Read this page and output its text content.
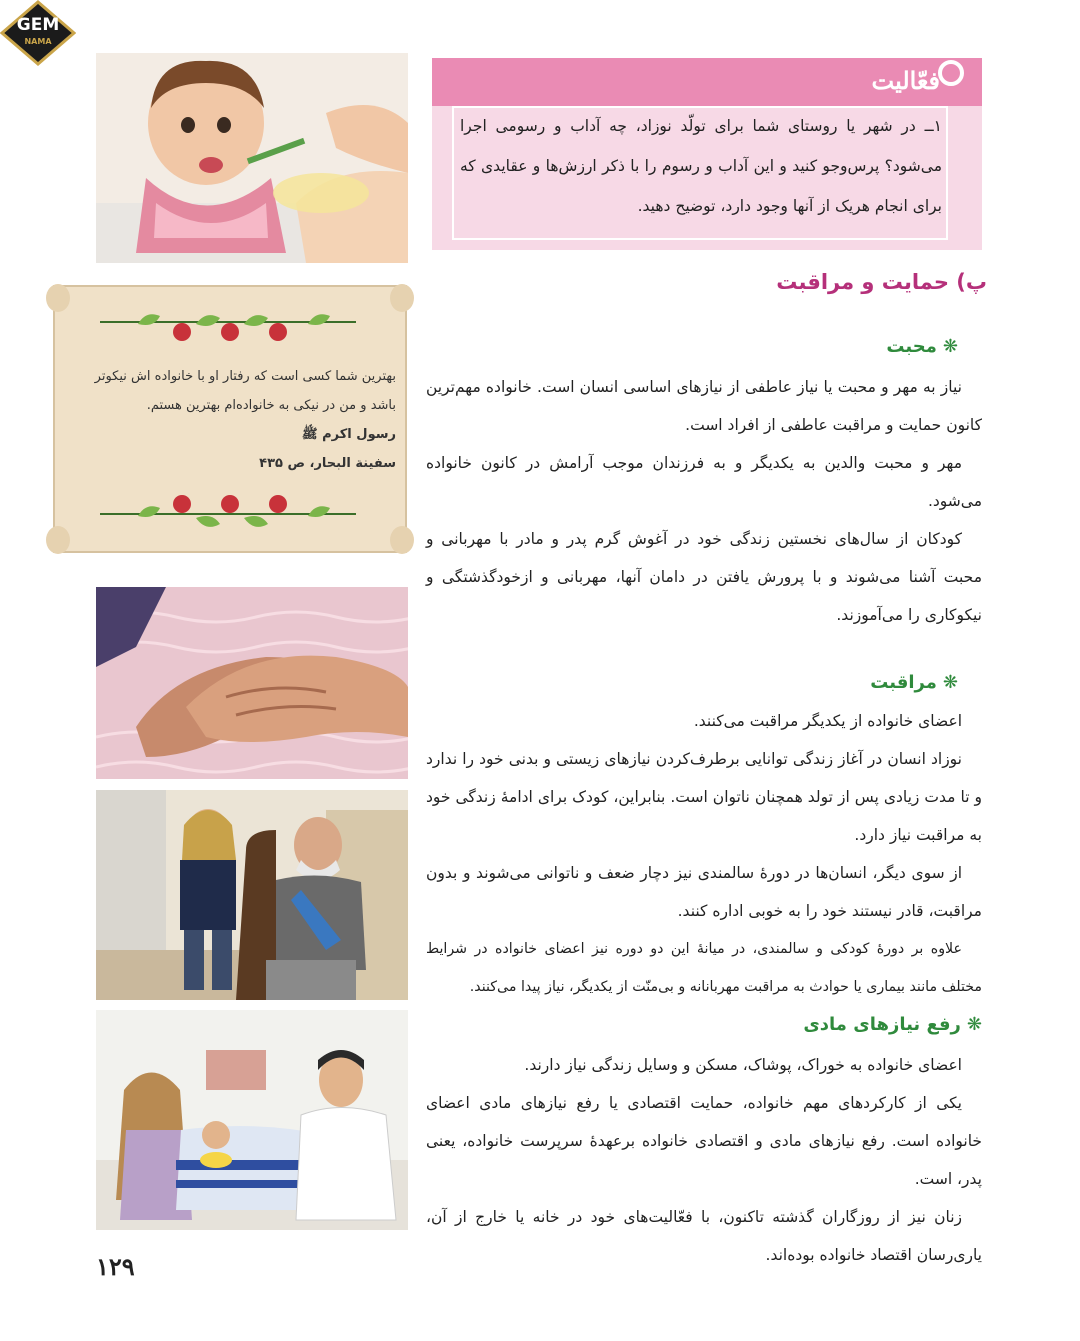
GEM
NAMA
فعّالیت
۱ــ در شهر یا روستای شما برای تولّد نوزاد، چه آداب و رسومی اجرا می‌شود؟ پرس‌وجو کنید و این آداب و رسوم را با ذکر ارزش‌ها و عقایدی که برای انجام هریک از آنها وجود دارد، توضیح دهید.
پ) حمایت و مراقبت
❋محبت

نیاز به مهر و محبت یا نیاز عاطفی از نیازهای اساسی انسان است. خانواده مهم‌ترین کانون حمایت و مراقبت عاطفی از افراد است.

مهر و محبت والدین به یکدیگر و به فرزندان موجب آرامش در کانون خانواده می‌شود.

کودکان از سال‌های نخستین زندگی خود در آغوش گرم پدر و مادر با مهربانی و محبت آشنا می‌شوند و با پرورش یافتن در دامان آنها، مهربانی و ازخودگذشتگی و نیکوکاری را می‌آموزند.

بهترین شما کسی است که رفتار او با خانواده اش نیکوتر باشد و من در نیکی به خانواده‌ام بهترین هستم.
رسول اکرم ﷺ
سفینة البحار، ص ۴۳۵
❋مراقبت

اعضای خانواده از یکدیگر مراقبت می‌کنند.

نوزاد انسان در آغاز زندگی توانایی برطرف‌کردن نیازهای زیستی و بدنی خود را ندارد و تا مدت زیادی پس از تولد همچنان ناتوان است. بنابراین، کودک برای ادامهٔ زندگی خود به مراقبت نیاز دارد.

از سوی دیگر، انسان‌ها در دورهٔ سالمندی نیز دچار ضعف و ناتوانی می‌شوند و بدون مراقبت، قادر نیستند خود را به خوبی اداره کنند.

علاوه بر دورهٔ کودکی و سالمندی، در میانهٔ این دو دوره نیز اعضای خانواده در شرایط مختلف مانند بیماری یا حوادث به مراقبت مهربانانه و بی‌منّت از یکدیگر، نیاز پیدا می‌کنند.

❋رفع نیازهای مادی

اعضای خانواده به خوراک، پوشاک، مسکن و وسایل زندگی نیاز دارند.

یکی از کارکردهای مهم خانواده، حمایت اقتصادی یا رفع نیازهای مادی اعضای خانواده است. رفع نیازهای مادی و اقتصادی خانواده برعهدهٔ سرپرست خانواده، یعنی پدر، است.

زنان نیز از روزگاران گذشته تاکنون، با فعّالیت‌های خود در خانه یا خارج از آن، یاری‌رسان اقتصاد خانواده بوده‌اند.

۱۲۹
